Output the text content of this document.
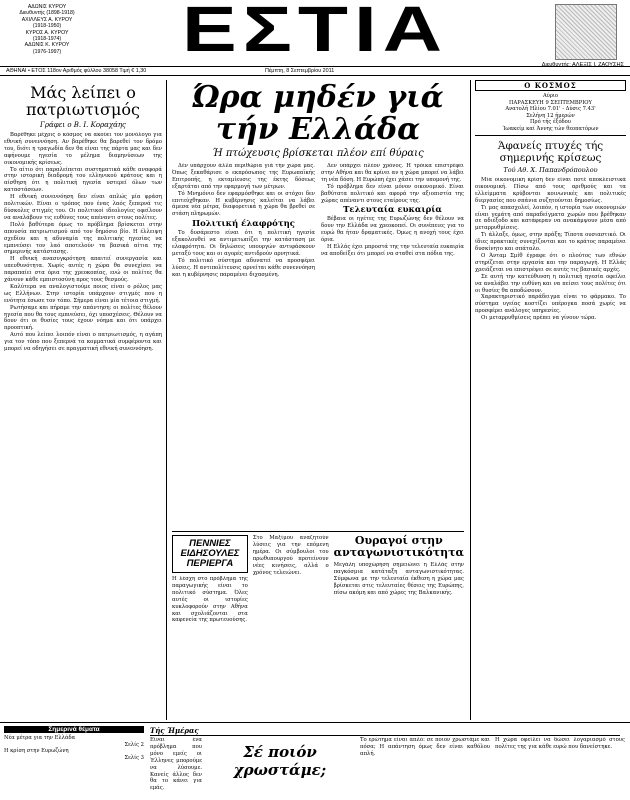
ΑΔΩΝΙΣ ΚΥΡΟΥ
Διευθυντής (1898-1918)
ΑΧΙΛΛΕΥΣ Α. ΚΥΡΟΥ
(1918-1950)
ΚΥΡΟΣ Α. ΚΥΡΟΥ
(1918-1974)
ΑΔΩΝΙΣ Κ. ΚΥΡΟΥ
(1976-1997)	ΕΣΤΙΑ	Διευθυντής: ΑΛΕΞΙΣ Ι. ΖΑΟΥΣΗΣ
ΑΘΗΝΑΙ • ΕΤΟΣ 118ον Αριθμός φύλλου 38058 Τιμή € 1,30	Πέμπτη, 8 Σεπτεμβρίου 2011
Μάς λείπει ο πατριωτισμός
Γράφει ο Β. Ι. Κοραχάης

Βαρέθηκε μέχρις ο κόσμος να ακούει τον μονόλογο για εθνική συνεννόηση. Αν βαρέθηκε θα βαρεθεί τον δρόμο του, διότι η τραγωδία δεν θα είναι της πάρτα μας και δεν αφήνουμε ηγεσία το μέλημα διαμηνύσεων της οικονομικής κρίσεως.

Το αίτιο ότι παραλείπεται συστηματικά κάθε αναφορά στην ιστορική διαδρομή του ελληνικού κράτους και η αίσθηση ότι η πολιτική ηγεσία υστερεί όλων των καταστάσεων.

Η εθνική συνεννόηση δεν είναι απλώς μία φράση πολιτικών. Είναι ο τρόπος που ένας λαός ξεπερνά τις δύσκολες στιγμές του. Οι πολιτικοί ιδεολογίες οφείλουν να αναλάβουν τις ευθύνες τους απέναντι στους πολίτες.

Πολύ βαθύτερα όμως το πρόβλημα βρίσκεται στην απουσία πατριωτισμού από τον δημόσιο βίο. Η έλλειψη σχεδίου και η αδυναμία της πολιτικής ηγεσίας να εμπνεύσει τον λαό αποτελούν τα βασικά αίτια της σημερινής κατάστασης.

Η εθνική ανασυγκρότηση απαιτεί συνεργασία και υπευθυνότητα. Χωρίς αυτές η χώρα θα συνεχίσει να παραπαίει στα όρια της χρεοκοπίας, ενώ οι πολίτες θα χάνουν κάθε εμπιστοσύνη προς τους θεσμούς.

Καλύτερα να αναλογιστούμε ποιος είναι ο ρόλος μας ως Ελλήνων. Στην ιστορία υπάρχουν στιγμές που η ενότητα έσωσε τον τόπο. Σήμερα είναι μία τέτοια στιγμή.

Ρωτήσαμε και πήραμε την απάντηση: οι πολίτες θέλουν ηγεσία που θα τους εμπνεύσει, όχι υποσχέσεις. Θέλουν να δουν ότι οι θυσίες τους έχουν νόημα και ότι υπάρχει προοπτική.

Αυτό που λείπει λοιπόν είναι ο πατριωτισμός, η αγάπη για τον τόπο που ξεπερνά τα κομματικά συμφέροντα και μπορεί να οδηγήσει σε πραγματική εθνική συνεννόηση.

Ώρα μηδέν γιά τήν Ελλάδα
Ή πτώχευσις βρίσκεται πλέον επί θύραις

Δέν υπάρχουν άλλα περιθώρια γιά τήν χώρα μας. Όπως ξεκαθάρισε ο εκπρόσωπος της Ευρωπαϊκής Επιτροπής, η εκταμίευσις της έκτης δόσεως εξαρτάται από την εφαρμογή των μέτρων.

Τό Μνημόνιο δεν εφαρμόσθηκε και οι στόχοι δεν επιτεύχθηκαν. Η κυβέρνησις καλείται να λάβει άμεσα νέα μέτρα, διαφορετικά η χώρα θα βρεθεί σε στάση πληρωμών.

Πολιτική έλαφρότης

Το δυσάρεστο είναι ότι η πολιτική ηγεσία εξακολουθεί να αντιμετωπίζει την κατάσταση με ελαφρότητα. Οι δηλώσεις υπουργών αντιφάσκουν μεταξύ τους και οι αγορές αντιδρούν αρνητικά.

Τό πολιτικό σύστημα αδυνατεί να προσφέρει λύσεις. Η αντιπολίτευσις αρνείται κάθε συνεννόηση και η κυβέρνησις παραμένει διχασμένη.

Δεν υπάρχει πλέον χρόνος. Η τρόικα επιστρέφει στην Αθήνα και θα κρίνει αν η χώρα μπορεί να λάβει τη νέα δόση. Η Ευρώπη έχει χάσει την υπομονή της.

Τό πρόβλημα δεν είναι μόνον οικονομικό. Είναι βαθύτατα πολιτικό και αφορά την αξιοπιστία της χώρας απέναντι στους εταίρους της.

Τελευταία ευκαιρία

Βέβαια οι ηγέτες της Ευρωζώνης δεν θέλουν να δουν την Ελλάδα να χρεοκοπεί. Οι συνέπειες για το ευρώ θα ήταν δραματικές. Όμως η ανοχή τους έχει όρια.

Η Ελλάς έχει μπροστά της την τελευταία ευκαιρία να αποδείξει ότι μπορεί να σταθεί στα πόδια της.

ΠΕΝΝΙΕΣ ΕΙΔΗΣΟΥΛΕΣ ΠΕΡΙΕΡΓΑ
Η λέσχη στο πρόβλημα της παραγωγικής είναι το πολιτικό σύστημα. Όλες αυτές οι ιστορίες κυκλοφορούν στην Αθήνα και σχολιάζονται στα καφενεία της πρωτευούσης.
Στο Μαξίμου αναζητούν λύσεις για την επόμενη ημέρα. Οι σύμβουλοι του πρωθυπουργού προτείνουν νέες κινήσεις, αλλά ο χρόνος τελειώνει.
Ουραγοί στην ανταγωνιστικότητα
Μεγάλη υποχώρηση σημειώνει η Ελλάς στην παγκόσμια κατάταξη ανταγωνιστικότητας. Σύμφωνα με την τελευταία έκθεση η χώρα μας βρίσκεται στις τελευταίες θέσεις της Ευρώπης, πίσω ακόμη και από χώρες της Βαλκανικής.
Ο ΚΟΣΜΟΣ
Αύριο
ΠΑΡΑΣΚΕΥΗ 9 ΣΕΠΤΕΜΒΡΙΟΥ
Ανατολή Ηλίου 7.01' - Δύσις 7.43'
Σελήνη 12 ήμερών
Πρό τής έξόδου
Ίωακείμ καί Άννης τών θεοπατόρων
Άφανείς πτυχές τής σημερινής κρίσεως
Τού Αθ. Χ. Παπανδρόπουλου

Μία οικονομική κρίση δεν είναι ποτέ αποκλειστικά οικονομική. Πίσω από τους αριθμούς και τα ελλείμματα κρύβονται κοινωνικές και πολιτικές διεργασίες που σπάνια συζητούνται δημοσίως.

Τι μας απασχολεί, λοιπόν, η ιστορία των οικονομιών είναι γεμάτη από παραδείγματα χωρών που βρέθηκαν σε αδιέξοδο και κατάφεραν να ανακάμψουν μέσα από μεταρρυθμίσεις.

Τι άλλαξε, όμως, στην πράξη; Τίποτα ουσιαστικό. Οι ίδιες πρακτικές συνεχίζονται και το κράτος παραμένει δυσκίνητο και σπάταλο.

Ο Άνταμ Σμίθ έγραφε ότι ο πλούτος των εθνών στηρίζεται στην εργασία και την παραγωγή. Η Ελλάς χρειάζεται να επιστρέψει σε αυτές τις βασικές αρχές.

Σε αυτή την κατεύθυνση η πολιτική ηγεσία οφείλει να αναλάβει την ευθύνη και να πείσει τους πολίτες ότι οι θυσίες θα αποδώσουν.

Χαρακτηριστικό παράδειγμα είναι το φάρμακο. Το σύστημα υγείας κοστίζει υπέρογκα ποσά χωρίς να προσφέρει ανάλογες υπηρεσίες.

Οι μεταρρυθμίσεις πρέπει να γίνουν τώρα.

Σημερινά θέματα
Νέα μέτρα για την Ελλάδα
Σελίς 2
Η κρίση στην Ευρωζώνη
Σελίς 3
Τής Ήμέρας
Είναι ένα πρόβλημα που μόνο εμείς οι Έλληνες μπορούμε να λύσουμε. Κανείς άλλος δεν θα το κάνει για εμάς.
Σέ ποιόν χρωστάμε;
Το ερώτημα είναι απλό: σε ποιον χρωστάμε και πόσα; Η απάντηση όμως δεν είναι καθόλου απλή.
Η χώρα οφείλει να δώσει λογαριασμό στους πολίτες της για κάθε ευρώ που δανείστηκε.
